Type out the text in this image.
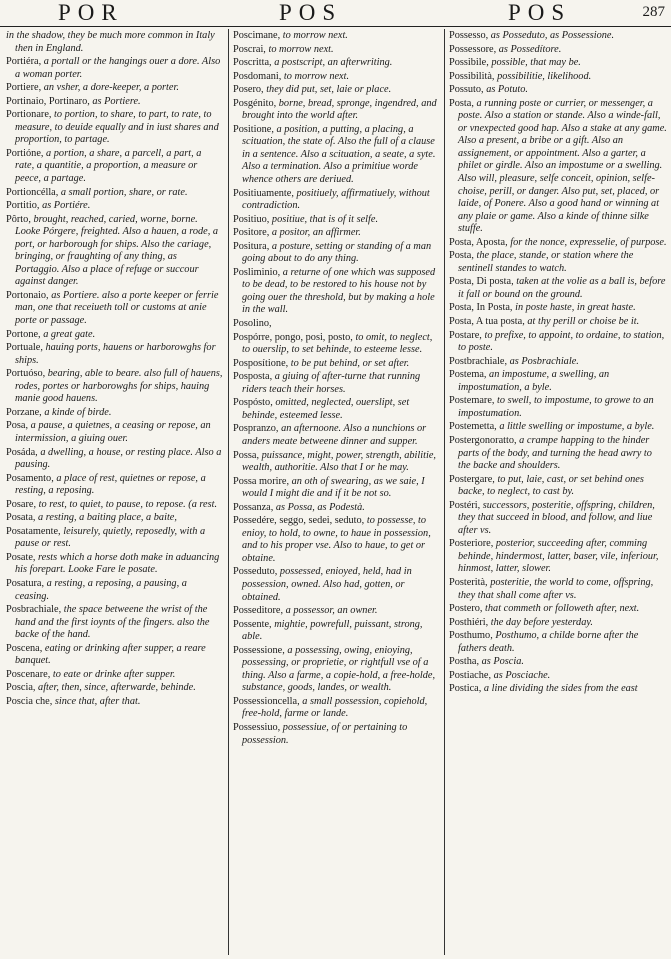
POR	POS	POS	287
in the shadow, they be much more common in Italy then in England.
Portiéra, a portall or the hangings ouer a dore. Also a woman porter.
Portiere, an vsher, a dore-keeper, a porter.
Portinaio, Portinaro, as Portiere.
Portionare, to portion, to share, to part, to rate, to measure, to deuide equally and in iust shares and proportion, to partage.
Portióne, a portion, a share, a parcell, a part, a rate, a quantitie, a proportion, a measure or peece, a partage.
Portioncélla, a small portion, share, or rate.
Portitio, as Portiére.
Pôrto, brought, reached, caried, worne, borne. Looke Pórgere, freighted. Also a hauen, a rode, a port, or harborough for ships. Also the cariage, bringing, or fraughting of any thing, as Portaggio. Also a place of refuge or succour against danger.
Portonaio, as Portiere. also a porte keeper or ferrie man, one that receiueth toll or customs at anie porte or passage.
Portone, a great gate.
Portuale, hauing ports, hauens or harborowghs for ships.
Portuóso, bearing, able to beare. also full of hauens, rodes, portes or harborowghs for ships, hauing manie good hauens.
Porzane, a kinde of birde.
Posa, a pause, a quietnes, a ceasing or repose, an intermission, a giuing ouer.
Posáda, a dwelling, a house, or resting place. Also a pausing.
Posamento, a place of rest, quietnes or repose, a resting, a reposing.
Posare, to rest, to quiet, to pause, to repose. (a rest.
Posata, a resting, a baiting place, a baite,
Posatamente, leisurely, quietly, reposedly, with a pause or rest.
Posate, rests which a horse doth make in aduancing his forepart. Looke Fare le posate.
Posatura, a resting, a reposing, a pausing, a ceasing.
Posbrachiale, the space betweene the wrist of the hand and the first ioynts of the fingers. also the backe of the hand.
Poscena, eating or drinking after supper, a reare banquet.
Poscenare, to eate or drinke after supper.
Poscia, after, then, since, afterwarde, behinde.
Poscia che, since that, after that.
Poscimane, to morrow next.
Poscrai, to morrow next.
Poscritta, a postscript, an afterwriting.
Posdomani, to morrow next.
Posero, they did put, set, laie or place.
Posgénito, borne, bread, spronge, ingendred, and brought into the world after.
Positione, a position, a putting, a placing, a scituation, the state of. Also the full of a clause in a sentence. Also a scituation, a seate, a syte. Also a termination. Also a primitiue worde whence others are deriued.
Positiuamente, positiuely, affirmatiuely, without contradiction.
Positiuo, positiue, that is of it selfe.
Positore, a positor, an affirmer.
Positura, a posture, setting or standing of a man going about to do any thing.
Posliminio, a returne of one which was supposed to be dead, to be restored to his house not by going ouer the threshold, but by making a hole in the wall.
Posolino,
Pospórre, pongo, posi, posto, to omit, to neglect, to ouerslip, to set behinde, to esteeme lesse.
Posposítione, to be put behind, or set after.
Posposta, a giuing of after-turne that running riders teach their horses.
Pospósto, omitted, neglected, ouerslipt, set behinde, esteemed lesse.
Pospranzo, an afternoone. Also a nunchions or anders meate betweene dinner and supper.
Possa, puissance, might, power, strength, abilitie, wealth, authoritie. Also that I or he may.
Possa morire, an oth of swearing, as we saie, I would I might die and if it be not so.
Possanza, as Possa, as Podestà.
Possedére, seggo, sedei, seduto, to possesse, to enioy, to hold, to owne, to haue in possession, and to his proper vse. Also to haue, to get or obtaine.
Posseduto, possessed, enioyed, held, had in possession, owned. Also had, gotten, or obtained.
Posseditore, a possessor, an owner.
Possente, mightie, powrefull, puissant, strong, able.
Possessione, a possessing, owing, enioying, possessing, or proprietie, or rightfull vse of a thing. Also a farme, a copie-hold, a free-holde, substance, goods, landes, or wealth.
Possessioncella, a small possession, copiehold, free-hold, farme or lande.
Possessiuo, possessiue, of or pertaining to possession.
Possesso, as Posseduto, as Possessione.
Possessore, as Possedítore.
Possibile, possible, that may be.
Possibilità, possibilitie, likelihood.
Possuto, as Potuto.
Posta, a running poste or currier, or messenger, a poste. Also a station or stande. Also a winde-fall, or vnexpected good hap. Also a stake at any game. Also a present, a bribe or a gift. Also an assignement, or appointment. Also a garter, a philet or girdle. Also an impostume or a swelling. Also will, pleasure, selfe conceit, opinion, selfe-choise, perill, or danger. Also put, set, placed, or laide, of Ponere. Also a good hand or winning at any plaie or game. Also a kinde of thinne silke stuffe.
Posta, Aposta, for the nonce, expresselie, of purpose.
Posta, the place, stande, or station where the sentinell standes to watch.
Posta, Di posta, taken at the volie as a ball is, before it fall or bound on the ground.
Posta, In Posta, in poste haste, in great haste.
Posta, A tua posta, at thy perill or choise be it.
Postare, to prefixe, to appoint, to ordaine, to station, to poste.
Postbrachiale, as Posbrachiale.
Postema, an impostume, a swelling, an impostumation, a byle.
Postemare, to swell, to impostume, to growe to an impostumation.
Postemetta, a little swelling or impostume, a byle.
Postergonoratto, a crampe happing to the hinder parts of the body, and turning the head awry to the backe and shoulders.
Postergare, to put, laie, cast, or set behind ones backe, to neglect, to cast by.
Postéri, successors, posteritie, offspring, children, they that succeed in blood, and follow, and liue after vs.
Posteriore, posterior, succeeding after, comming behinde, hindermost, latter, baser, vile, inferiour, hinmost, latter, slower.
Posterità, posteritie, the world to come, offspring, they that shall come after vs.
Postero, that commeth or followeth after, next.
Posthiéri, the day before yesterday.
Posthumo, Posthumo, a childe borne after the fathers death.
Postha, as Poscia.
Postiache, as Posciache.
Postica, a line dividing the sides from the east
